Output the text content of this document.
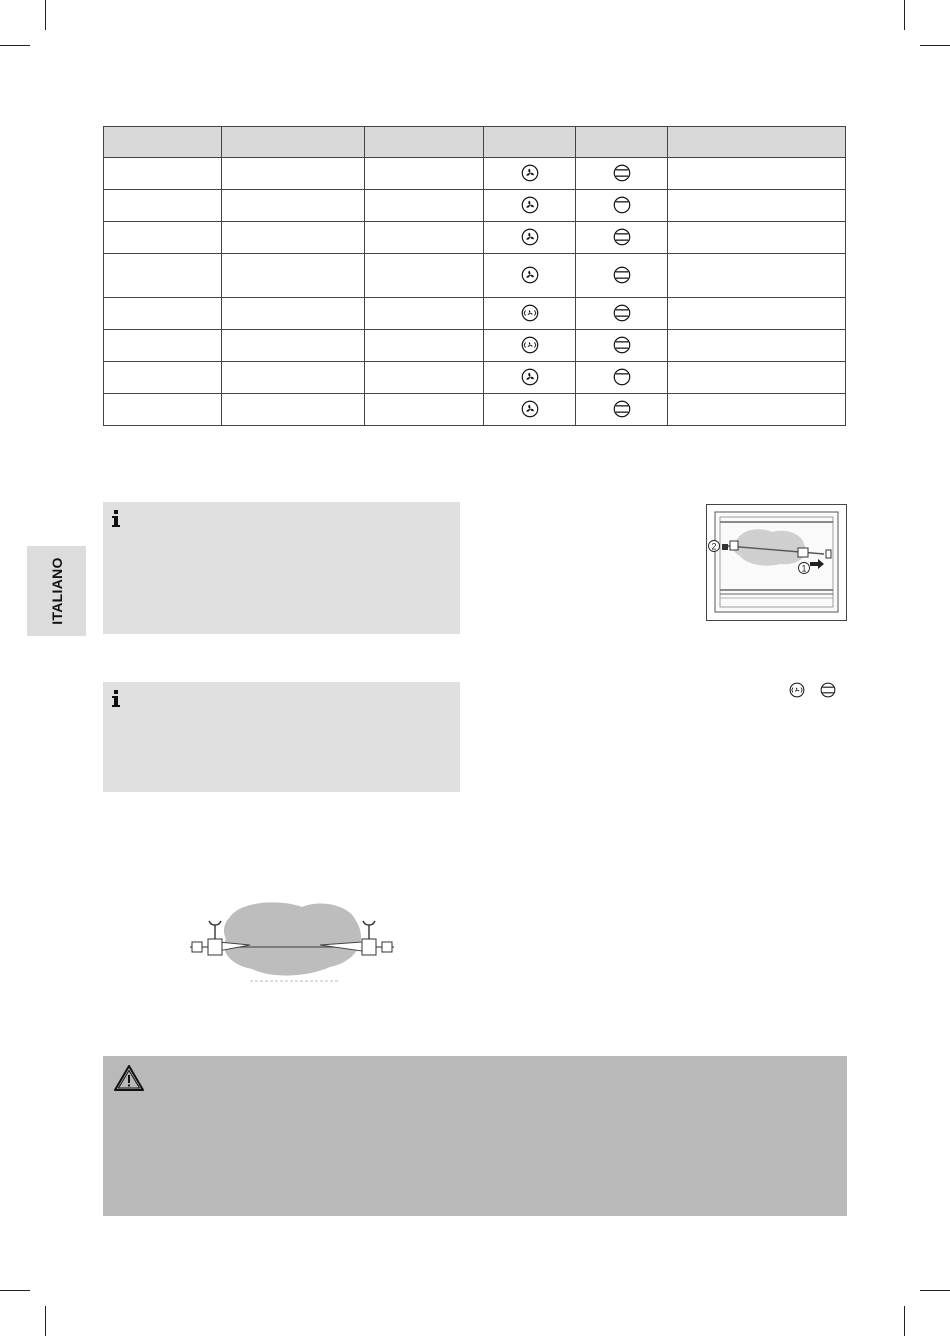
ITALIANO
2
1
